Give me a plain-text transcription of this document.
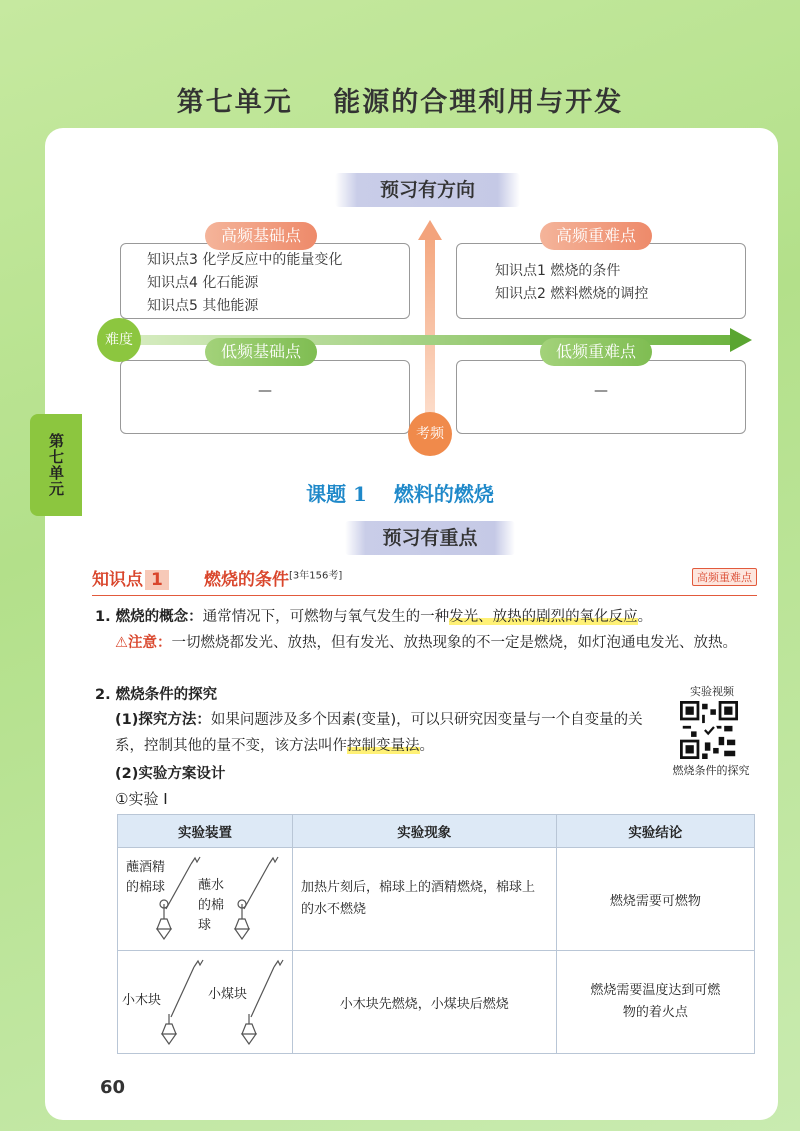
第七单元　 能源的合理利用与开发
第七单元
预习有方向
知识点3 化学反应中的能量变化
知识点4 化石能源
知识点5 其他能源
高频基础点
知识点1 燃烧的条件
知识点2 燃料燃烧的调控
高频重难点
—
低频基础点
—
低频重难点
难度
考频
课题 1　 燃料的燃烧
预习有重点
知识点 1	燃烧的条件[3年156考]	高频重难点
1. 燃烧的概念：通常情况下，可燃物与氧气发生的一种发光、放热的剧烈的氧化反应。
⚠注意：一切燃烧都发光、放热，但有发光、放热现象的不一定是燃烧，如灯泡通电发光、放热。
2. 燃烧条件的探究
(1)探究方法：如果问题涉及多个因素(变量)，可以只研究因变量与一个自变量的关系，控制其他的量不变，该方法叫作控制变量法。
(2)实验方案设计
①实验 I
实验视频
燃烧条件的探究
实验装置	实验现象	实验结论

蘸酒精的棉球 蘸水的棉球	加热片刻后，棉球上的酒精燃烧，棉球上的水不燃烧	燃烧需要可燃物

小木块 小煤块	小木块先燃烧，小煤块后燃烧	燃烧需要温度达到可燃物的着火点
60
